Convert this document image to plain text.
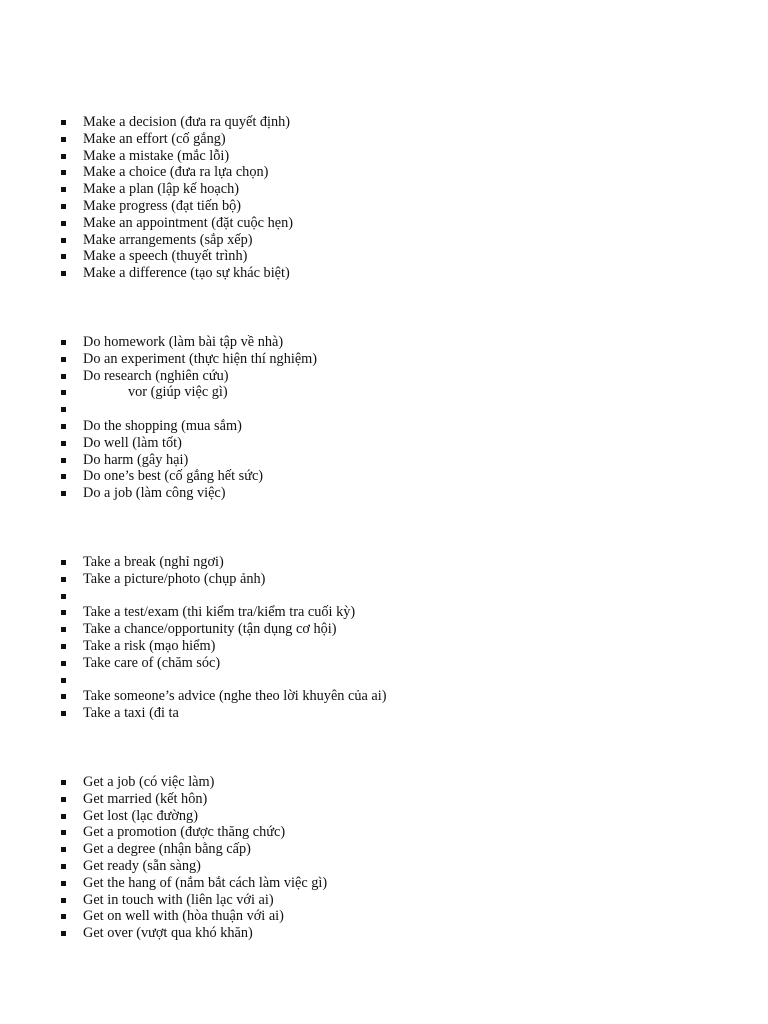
Make a decision (đưa ra quyết định)
Make an effort (cố gắng)
Make a mistake (mắc lỗi)
Make a choice (đưa ra lựa chọn)
Make a plan (lập kế hoạch)
Make progress (đạt tiến bộ)
Make an appointment (đặt cuộc hẹn)
Make arrangements (sắp xếp)
Make a speech (thuyết trình)
Make a difference (tạo sự khác biệt)
Do homework (làm bài tập về nhà)
Do an experiment (thực hiện thí nghiệm)
Do research (nghiên cứu)
vor (giúp việc gì)
Do the shopping (mua sắm)
Do well (làm tốt)
Do harm (gây hại)
Do one’s best (cố gắng hết sức)
Do a job (làm công việc)
Take a break (nghỉ ngơi)
Take a picture/photo (chụp ảnh)
Take a test/exam (thi kiểm tra/kiểm tra cuối kỳ)
Take a chance/opportunity (tận dụng cơ hội)
Take a risk (mạo hiểm)
Take care of (chăm sóc)
Take someone’s advice (nghe theo lời khuyên của ai)
Take a taxi (đi ta
Get a job (có việc làm)
Get married (kết hôn)
Get lost (lạc đường)
Get a promotion (được thăng chức)
Get a degree (nhận bằng cấp)
Get ready (sẵn sàng)
Get the hang of (nắm bắt cách làm việc gì)
Get in touch with (liên lạc với ai)
Get on well with (hòa thuận với ai)
Get over (vượt qua khó khăn)
